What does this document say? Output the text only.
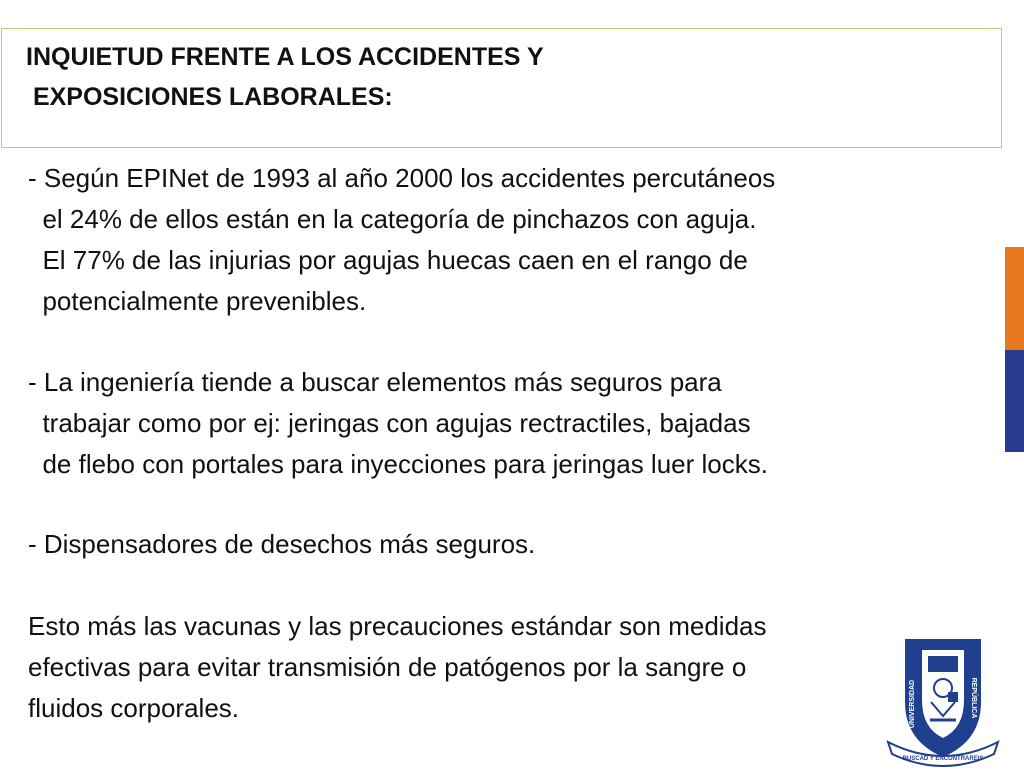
INQUIETUD FRENTE A LOS ACCIDENTES Y
EXPOSICIONES LABORALES:
- Según EPINet de 1993 al año 2000 los accidentes percutáneos
el 24% de ellos están en la categoría de pinchazos con aguja.
El 77% de las injurias por agujas huecas caen en el rango de
potencialmente prevenibles.
- La ingeniería tiende a buscar elementos más seguros para
trabajar como por ej: jeringas con agujas rectractiles, bajadas
de flebo con portales para inyecciones para jeringas luer locks.
- Dispensadores de desechos más seguros.
Esto más las vacunas y las precauciones estándar son medidas
efectivas para evitar transmisión de patógenos por la sangre o
fluidos corporales.	UNIVERSIDAD	REPÚBLICA
BUSCAD Y ENCONTRAREIS
